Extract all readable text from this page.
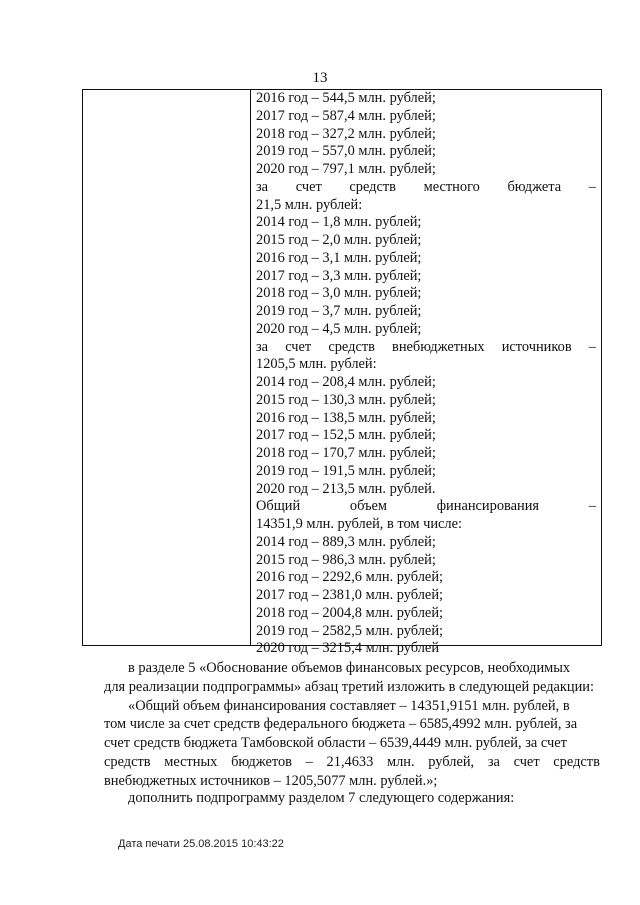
13
2016 год – 544,5 млн. рублей;
2017 год – 587,4 млн. рублей;
2018 год – 327,2 млн. рублей;
2019 год – 557,0 млн. рублей;
2020 год – 797,1 млн. рублей;
за счет средств местного бюджета –
21,5 млн. рублей:
2014 год – 1,8 млн. рублей;
2015 год – 2,0 млн. рублей;
2016 год – 3,1 млн. рублей;
2017 год – 3,3 млн. рублей;
2018 год – 3,0 млн. рублей;
2019 год – 3,7 млн. рублей;
2020 год – 4,5 млн. рублей;
за счет средств внебюджетных источников –
1205,5 млн. рублей:
2014 год – 208,4 млн. рублей;
2015 год – 130,3 млн. рублей;
2016 год – 138,5 млн. рублей;
2017 год – 152,5 млн. рублей;
2018 год – 170,7 млн. рублей;
2019 год – 191,5 млн. рублей;
2020 год – 213,5 млн. рублей.
Общий	объем	финансирования	–
14351,9 млн. рублей, в том числе:
2014 год – 889,3 млн. рублей;
2015 год – 986,3 млн. рублей;
2016 год – 2292,6 млн. рублей;
2017 год – 2381,0 млн. рублей;
2018 год – 2004,8 млн. рублей;
2019 год – 2582,5 млн. рублей;
2020 год – 3215,4 млн. рублей
в разделе 5 «Обоснование объемов финансовых ресурсов, необходимых
для реализации подпрограммы» абзац третий изложить в следующей редакции:
«Общий объем финансирования составляет – 14351,9151 млн. рублей, в
том числе за счет средств федерального бюджета – 6585,4992 млн. рублей, за
счет средств бюджета Тамбовской области – 6539,4449 млн. рублей, за счет
средств местных бюджетов – 21,4633 млн. рублей, за счет средств
внебюджетных источников – 1205,5077 млн. рублей.»;
дополнить подпрограмму разделом 7 следующего содержания:
Дата печати 25.08.2015 10:43:22
